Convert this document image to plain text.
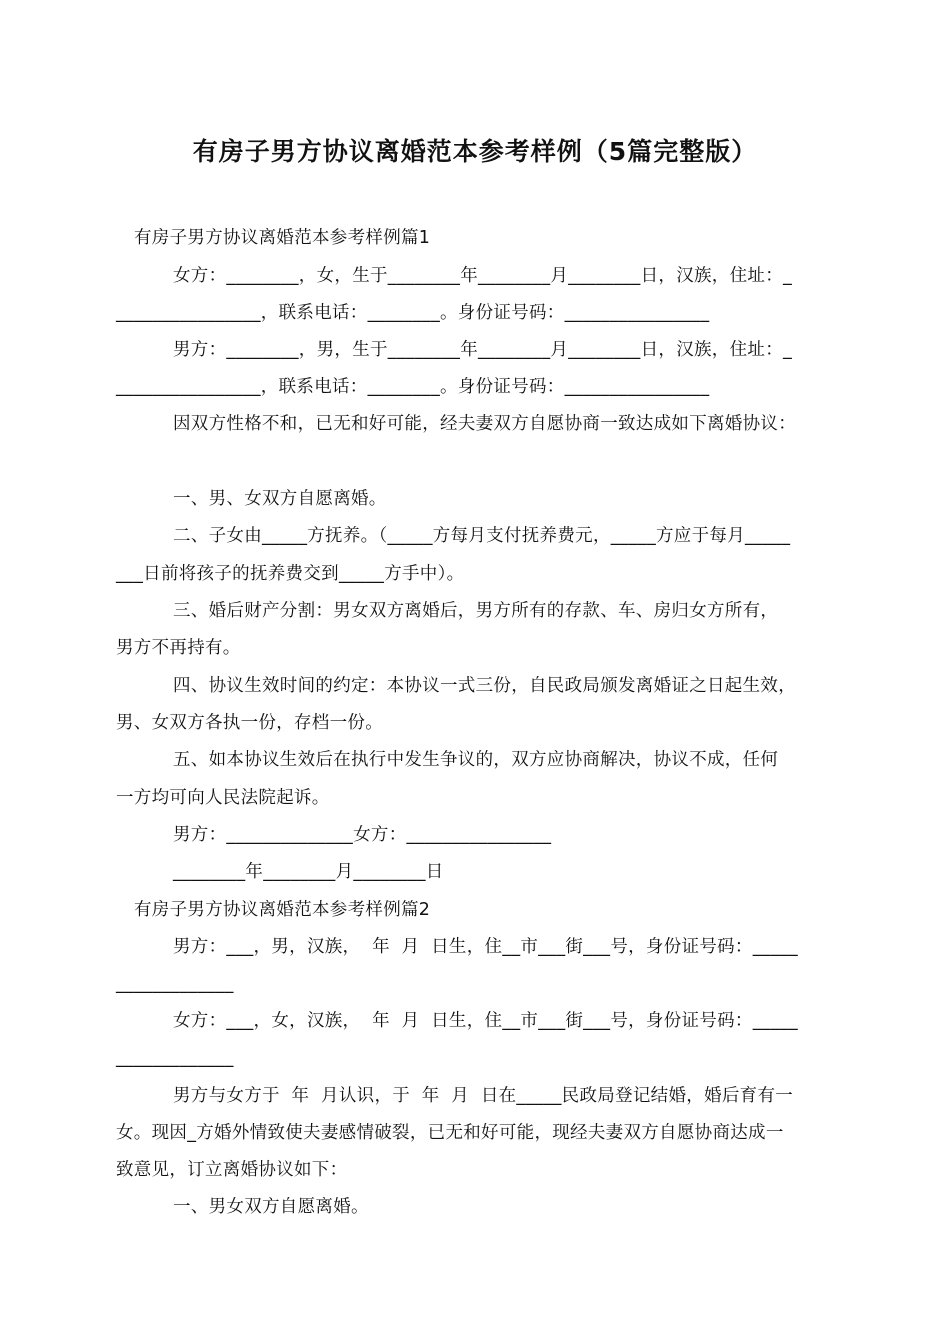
有房子男方协议离婚范本参考样例（5篇完整版）
有房子男方协议离婚范本参考样例篇1
女方：________，女，生于________年________月________日，汉族，住址：_
________________，联系电话：________。身份证号码：________________
男方：________，男，生于________年________月________日，汉族，住址：_
________________，联系电话：________。身份证号码：________________
因双方性格不和，已无和好可能，经夫妻双方自愿协商一致达成如下离婚协议：
一、男、女双方自愿离婚。
二、子女由_____方抚养。（_____方每月支付抚养费元，_____方应于每月_____
___日前将孩子的抚养费交到_____方手中）。
三、婚后财产分割：男女双方离婚后，男方所有的存款、车、房归女方所有，
男方不再持有。
四、协议生效时间的约定：本协议一式三份，自民政局颁发离婚证之日起生效，
男、女双方各执一份，存档一份。
五、如本协议生效后在执行中发生争议的，双方应协商解决，协议不成，任何
一方均可向人民法院起诉。
男方：______________女方：________________
________年________月________日
有房子男方协议离婚范本参考样例篇2
男方：___，男，汉族，  年  月  日生，住__市___街___号，身份证号码：_____
_____________
女方：___，女，汉族，  年  月  日生，住__市___街___号，身份证号码：_____
_____________
男方与女方于  年  月认识，于  年  月  日在_____民政局登记结婚，婚后育有一
女。现因_方婚外情致使夫妻感情破裂，已无和好可能，现经夫妻双方自愿协商达成一
致意见，订立离婚协议如下：
一、男女双方自愿离婚。
